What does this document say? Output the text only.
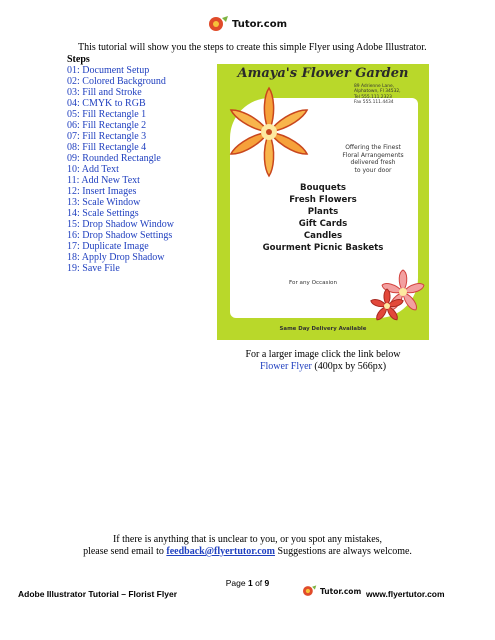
Tutor.com
This tutorial will show you the steps to create this simple Flyer using Adobe Illustrator.
Steps
01: Document Setup
02: Colored Background
03: Fill and Stroke
04: CMYK to RGB
05: Fill Rectangle 1
06: Fill Rectangle 2
07: Fill Rectangle 3
08: Fill Rectangle 4
09: Rounded Rectangle
10: Add Text
11: Add New Text
12: Insert Images
13: Scale Window
14: Scale Settings
15: Drop Shadow Window
16: Drop Shadow Settings
17: Duplicate Image
18: Apply Drop Shadow
19: Save File
Amaya's Flower Garden
89 Adrienne Lane,
Alphatown, Fl 34532,
Tel 555.111.2323
Fax 555.111.4434
Offering the Finest
Floral Arrangements
delivered fresh
to your door
Bouquets
Fresh Flowers
Plants
Gift Cards
Candles
Gourment Picnic Baskets
For any Occasion
Same Day Delivery Available
For a larger image click the link below
Flower Flyer (400px by 566px)
If there is anything that is unclear to you, or you spot any mistakes,
please send email to feedback@flyertutor.com Suggestions are always welcome.
Page 1 of 9
Adobe Illustrator Tutorial – Florist Flyer	Tutor.com www.flyertutor.com
